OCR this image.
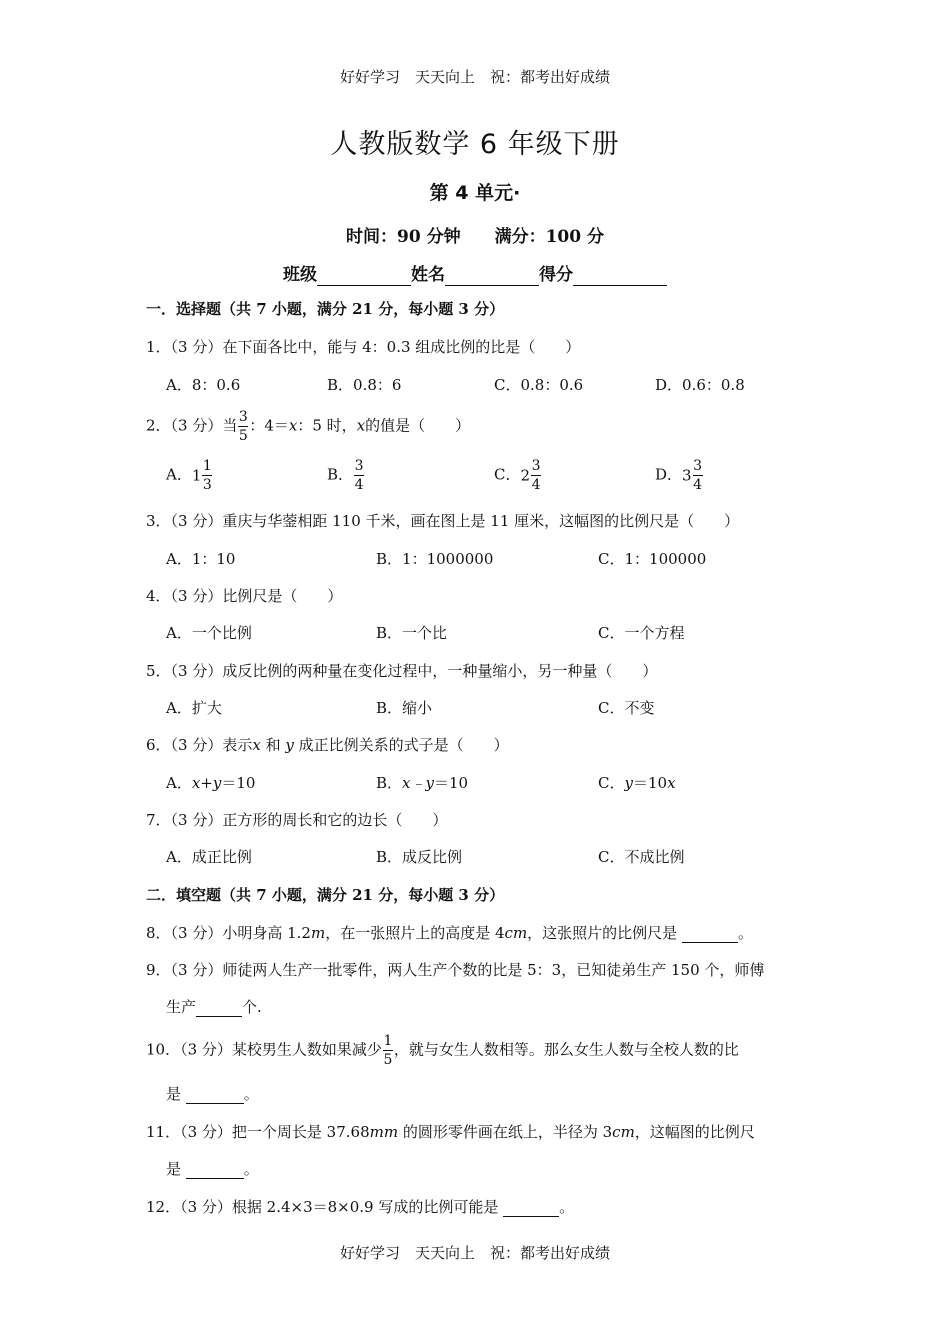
好好学习　天天向上　祝：都考出好成绩
人教版数学 6 年级下册
第 4 单元·
时间：90 分钟　　 满分：100 分
班级	姓名	得分
一．选择题（共 7 小题，满分 21 分，每小题 3 分）
1．（3 分）在下面各比中，能与 4：0.3 组成比例的比是（　　）
A．8：0.6	B．0.8：6	C．0.8：0.6	D．0.6：0.8
2．（3 分）当 $\frac{3}{5}$ ：4＝x：5 时，x的值是（　　）
A．$1 \frac{1}{3}$	B． $\frac{3}{4}$	C．$2 \frac{3}{4}$	D．$3 \frac{3}{4}$
3．（3 分）重庆与华蓥相距 110 千米，画在图上是 11 厘米，这幅图的比例尺是（　　）
A．1：10	B．1：1000000	C．1：100000
4．（3 分）比例尺是（　　）
A．一个比例	B．一个比	C．一个方程
5．（3 分）成反比例的两种量在变化过程中，一种量缩小，另一种量（　　）
A．扩大	B．缩小	C．不变
6．（3 分）表示x 和 y 成正比例关系的式子是（　　）
A．x+y＝10	B．x﹣y＝10	C．y＝10x
7．（3 分）正方形的周长和它的边长（　　）
A．成正比例	B．成反比例	C．不成比例
二．填空题（共 7 小题，满分 21 分，每小题 3 分）
8．（3 分）小明身高 1.2m，在一张照片上的高度是 4cm，这张照片的比例尺是	。
9．（3 分）师徒两人生产一批零件，两人生产个数的比是 5：3，已知徒弟生产 150 个，师傅
生产	个.
10．（3 分）某校男生人数如果减少 $\frac{1}{5}$ ，就与女生人数相等。那么女生人数与全校人数的比
是	。
11．（3 分）把一个周长是 37.68mm 的圆形零件画在纸上，半径为 3cm，这幅图的比例尺
是	。
12．（3 分）根据 2.4×3＝8×0.9 写成的比例可能是	。
好好学习　天天向上　祝：都考出好成绩
